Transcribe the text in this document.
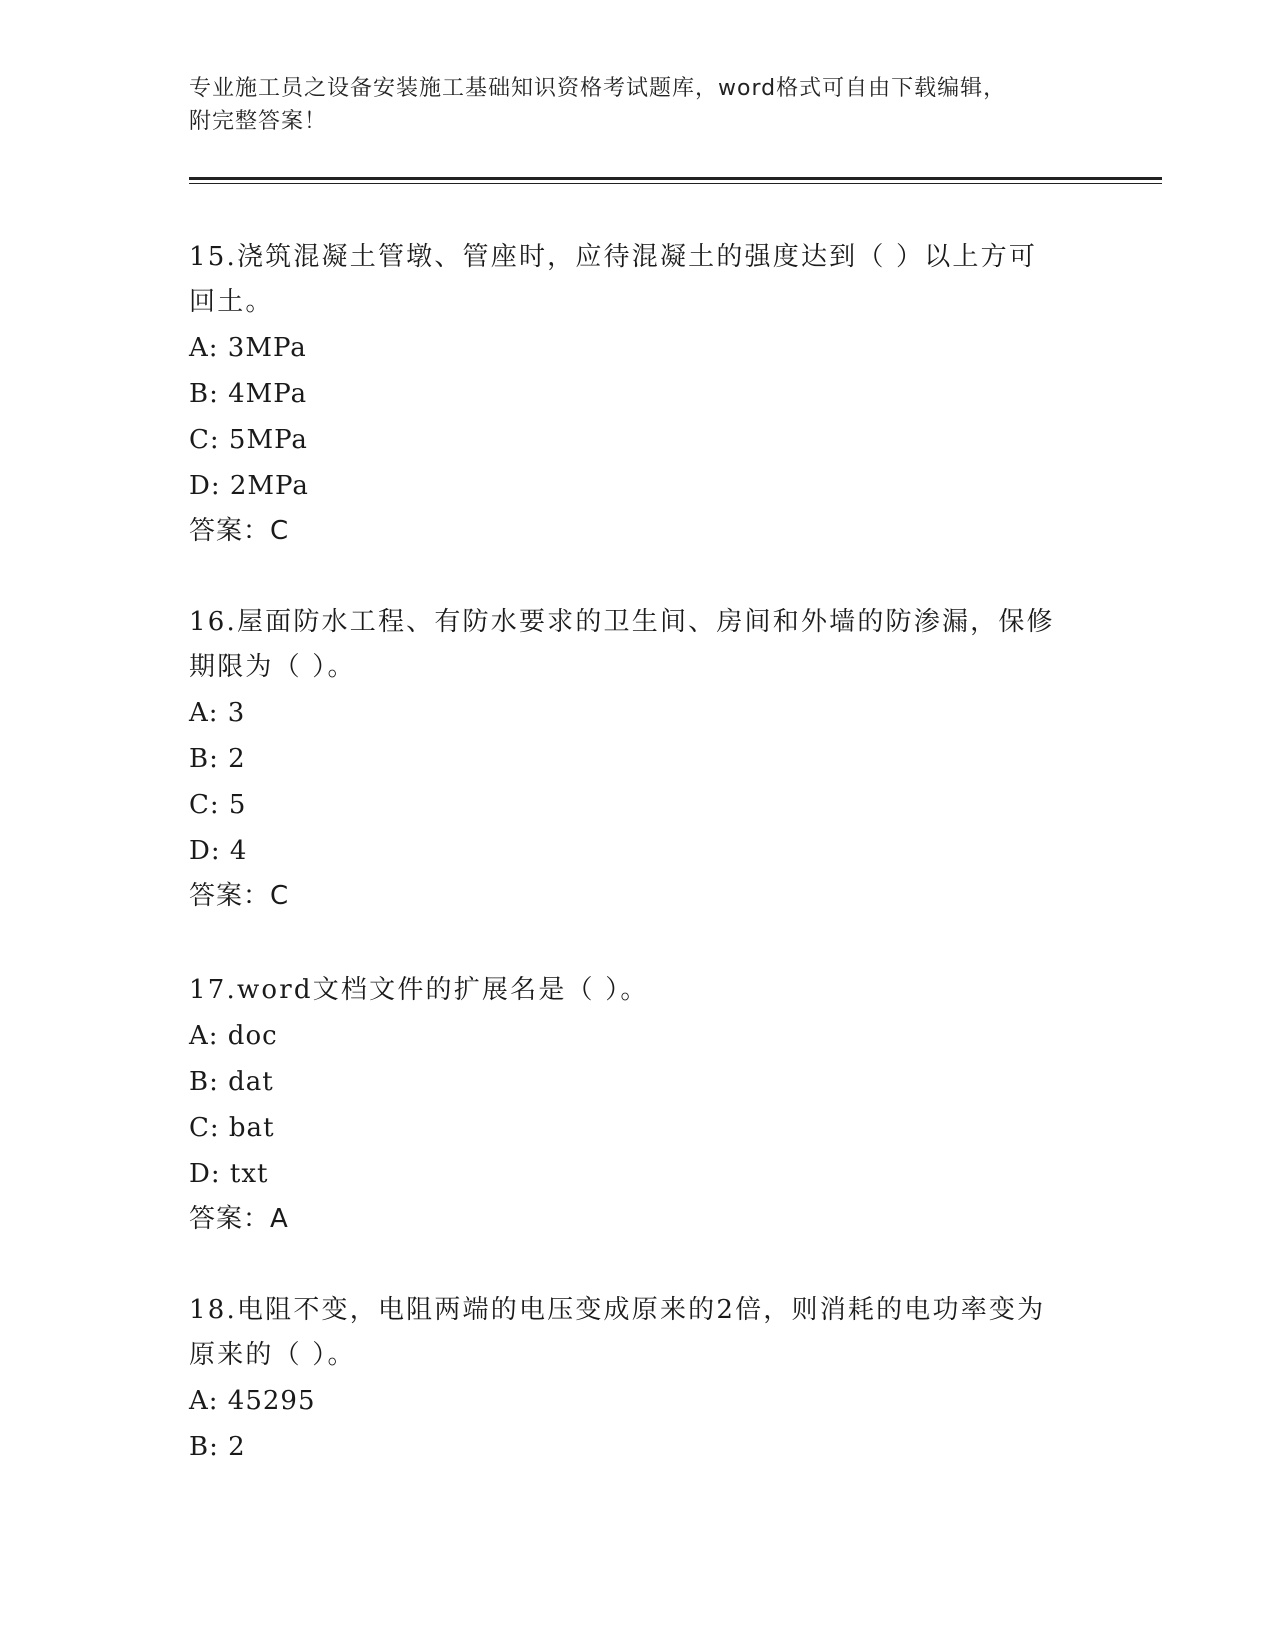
专业施工员之设备安装施工基础知识资格考试题库，word格式可自由下载编辑，
附完整答案！

15.浇筑混凝土管墩、管座时，应待混凝土的强度达到（ ）以上方可

回土。

A: 3MPa

B: 4MPa

C: 5MPa

D: 2MPa

答案：C

16.屋面防水工程、有防水要求的卫生间、房间和外墙的防渗漏，保修

期限为（ ）。

A: 3

B: 2

C: 5

D: 4

答案：C

17.word文档文件的扩展名是（ ）。

A: doc

B: dat

C: bat

D: txt

答案：A

18.电阻不变，电阻两端的电压变成原来的2倍，则消耗的电功率变为

原来的（ ）。

A: 45295

B: 2
